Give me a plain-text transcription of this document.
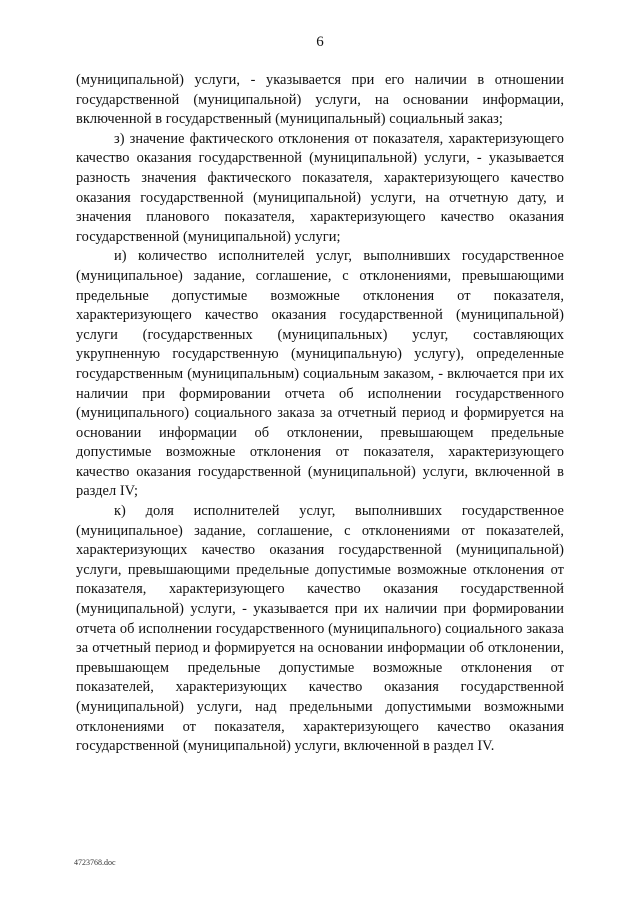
6

(муниципальной) услуги, - указывается при его наличии в отношении государственной (муниципальной) услуги, на основании информации, включенной в государственный (муниципальный) социальный заказ;

з) значение фактического отклонения от показателя, характеризующего качество оказания государственной (муниципальной) услуги, - указывается разность значения фактического показателя, характеризующего качество оказания государственной (муниципальной) услуги, на отчетную дату, и значения планового показателя, характеризующего качество оказания государственной (муниципальной) услуги;

и) количество исполнителей услуг, выполнивших государственное (муниципальное) задание, соглашение, с отклонениями, превышающими предельные допустимые возможные отклонения от показателя, характеризующего качество оказания государственной (муниципальной) услуги (государственных (муниципальных) услуг, составляющих укрупненную государственную (муниципальную) услугу), определенные государственным (муниципальным) социальным заказом, - включается при их наличии при формировании отчета об исполнении государственного (муниципального) социального заказа за отчетный период и формируется на основании информации об отклонении, превышающем предельные допустимые возможные отклонения от показателя, характеризующего качество оказания государственной (муниципальной) услуги, включенной в раздел IV;

к) доля исполнителей услуг, выполнивших государственное (муниципальное) задание, соглашение, с отклонениями от показателей, характеризующих качество оказания государственной (муниципальной) услуги, превышающими предельные допустимые возможные отклонения от показателя, характеризующего качество оказания государственной (муниципальной) услуги, - указывается при их наличии при формировании отчета об исполнении государственного (муниципального) социального заказа за отчетный период и формируется на основании информации об отклонении, превышающем предельные допустимые возможные отклонения от показателей, характеризующих качество оказания государственной (муниципальной) услуги, над предельными допустимыми возможными отклонениями от показателя, характеризующего качество оказания государственной (муниципальной) услуги, включенной в раздел IV.

4723768.doc
